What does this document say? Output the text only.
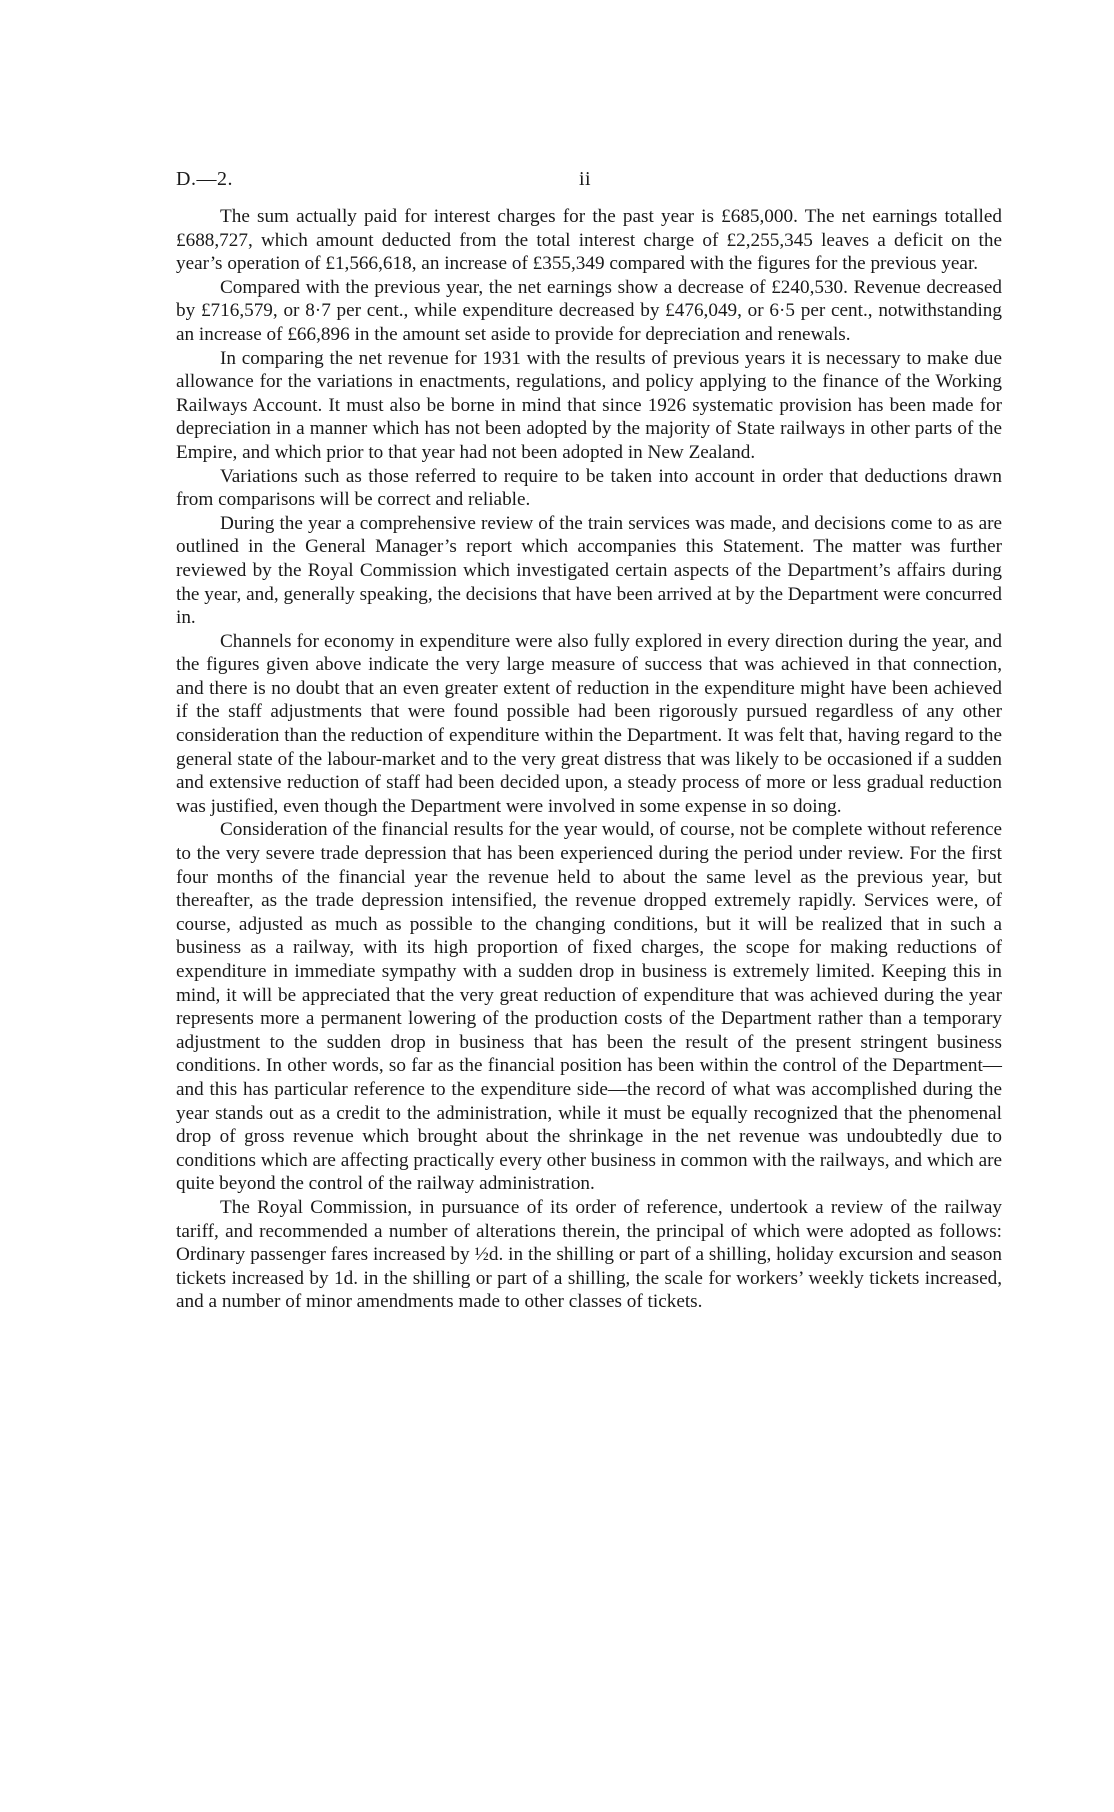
D.—2.	ii

The sum actually paid for interest charges for the past year is £685,000. The net earnings totalled £688,727, which amount deducted from the total interest charge of £2,255,345 leaves a deficit on the year’s operation of £1,566,618, an increase of £355,349 compared with the figures for the previous year.

Compared with the previous year, the net earnings show a decrease of £240,530. Revenue decreased by £716,579, or 8·7 per cent., while expenditure decreased by £476,049, or 6·5 per cent., notwithstanding an increase of £66,896 in the amount set aside to provide for depreciation and renewals.

In comparing the net revenue for 1931 with the results of previous years it is necessary to make due allowance for the variations in enactments, regulations, and policy applying to the finance of the Working Railways Account. It must also be borne in mind that since 1926 systematic provision has been made for depreciation in a manner which has not been adopted by the majority of State railways in other parts of the Empire, and which prior to that year had not been adopted in New Zealand.

Variations such as those referred to require to be taken into account in order that deductions drawn from comparisons will be correct and reliable.

During the year a comprehensive review of the train services was made, and decisions come to as are outlined in the General Manager’s report which accompanies this Statement. The matter was further reviewed by the Royal Commission which investigated certain aspects of the Department’s affairs during the year, and, generally speaking, the decisions that have been arrived at by the Department were concurred in.

Channels for economy in expenditure were also fully explored in every direction during the year, and the figures given above indicate the very large measure of success that was achieved in that connection, and there is no doubt that an even greater extent of reduction in the expenditure might have been achieved if the staff adjustments that were found possible had been rigorously pursued regardless of any other consideration than the reduction of expenditure within the Department. It was felt that, having regard to the general state of the labour-market and to the very great distress that was likely to be occasioned if a sudden and extensive reduction of staff had been decided upon, a steady process of more or less gradual reduction was justified, even though the Department were involved in some expense in so doing.

Consideration of the financial results for the year would, of course, not be complete without reference to the very severe trade depression that has been experienced during the period under review. For the first four months of the financial year the revenue held to about the same level as the previous year, but thereafter, as the trade depression intensified, the revenue dropped extremely rapidly. Services were, of course, adjusted as much as possible to the changing conditions, but it will be realized that in such a business as a railway, with its high proportion of fixed charges, the scope for making reductions of expenditure in immediate sympathy with a sudden drop in business is extremely limited. Keeping this in mind, it will be appreciated that the very great reduction of expenditure that was achieved during the year represents more a permanent lowering of the production costs of the Department rather than a temporary adjustment to the sudden drop in business that has been the result of the present stringent business conditions. In other words, so far as the financial position has been within the control of the Department—and this has particular reference to the expenditure side—the record of what was accomplished during the year stands out as a credit to the administration, while it must be equally recognized that the phenomenal drop of gross revenue which brought about the shrinkage in the net revenue was undoubtedly due to conditions which are affecting practically every other business in common with the railways, and which are quite beyond the control of the railway administration.

The Royal Commission, in pursuance of its order of reference, undertook a review of the railway tariff, and recommended a number of alterations therein, the principal of which were adopted as follows: Ordinary passenger fares increased by ½d. in the shilling or part of a shilling, holiday excursion and season tickets increased by 1d. in the shilling or part of a shilling, the scale for workers’ weekly tickets increased, and a number of minor amendments made to other classes of tickets.
